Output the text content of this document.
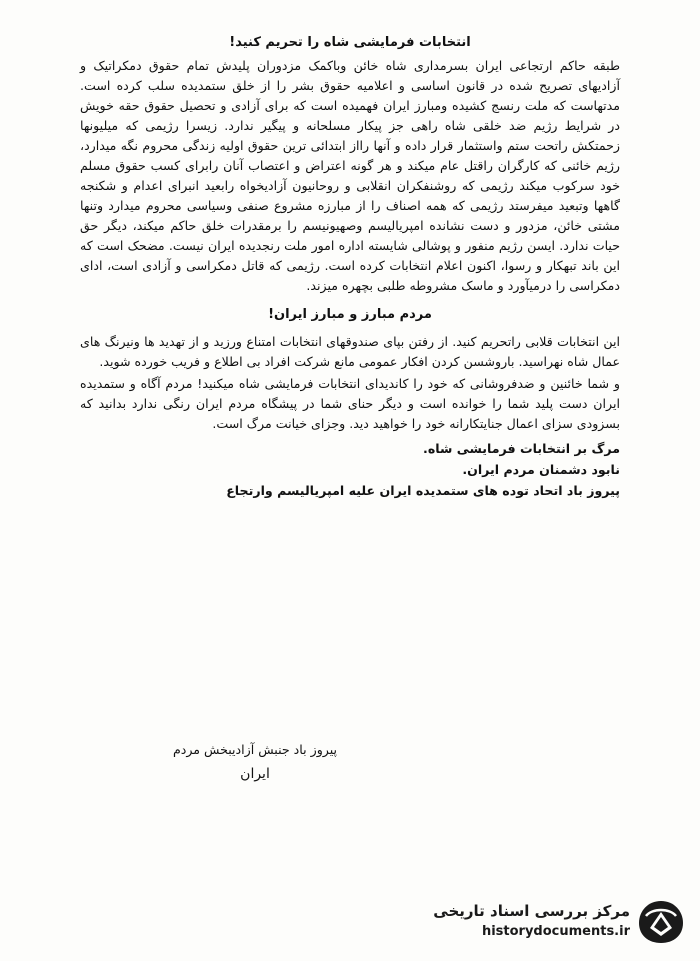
انتخابات فرمایشی شاه را تحریم کنید!

طبقه حاکم ارتجاعی ایران بسرمداری شاه خائن وباکمک مزدوران پلیدش تمام حقوق دمکراتیک و آزادیهای تصریح شده در قانون اساسی و اعلامیه حقوق بشر را از خلق ستمدیده سلب کرده است. مدتهاست که ملت رنسج کشیده ومبارز ایران فهمیده است که برای آزادی و تحصیل حقوق حقه خویش در شرایط رژیم ضد خلقی شاه راهی جز پیکار مسلحانه و پیگیر ندارد. زیسرا رژیمی که میلیونها زحمتکش راتحت ستم واستثمار قرار داده و آنها رااز ابتدائی ترین حقوق اولیه زندگی محروم نگه میدارد، رژیم خائنی که کارگران راقتل عام میکند و هر گونه اعتراض و اعتصاب آنان رابرای کسب حقوق مسلم خود سرکوب میکند رژیمی که روشنفکران انقلابی و روحانیون آزادیخواه رابعید انبرای اعدام و شکنجه گاهها وتبعید میفرستد رژیمی که همه اصناف را از مبارزه مشروع صنفی وسیاسی محروم میدارد وتنها مشتی خائن، مزدور و دست نشانده امپریالیسم وصهیونیسم را برمقدرات خلق حاکم میکند، دیگر حق حیات ندارد. ایسن رژیم منفور و پوشالی شایسته اداره امور ملت رنجدیده ایران نیست. مضحک است که این باند تبهکار و رسوا، اکنون اعلام انتخابات کرده است. رژیمی که قاتل دمکراسی و آزادی است، ادای دمکراسی را درمیآورد و ماسک مشروطه طلبی بچهره میزند.

مردم مبارز و مبارز ایران!

این انتخابات قلابی راتحریم کنید. از رفتن بپای صندوقهای انتخابات امتناع ورزید و از تهدید ها ونیرنگ های عمال شاه نهراسید. باروشسن کردن افکار عمومی مانع شرکت افراد بی اطلاع و فریب خورده شوید.

و شما خائنین و ضدفروشانی که خود را کاندیدای انتخابات فرمایشی شاه میکنید! مردم آگاه و ستمدیده ایران دست پلید شما را خوانده است و دیگر حنای شما در پیشگاه مردم ایران رنگی ندارد بدانید که بسزودی سزای اعمال جنایتکارانه خود را خواهید دید. وجزای خیانت مرگ است.

مرگ بر انتخابات فرمایشی شاه.

نابود دشمنان مردم ایران.

پیروز باد اتحاد توده های ستمدیده ایران علیه امپریالیسم وارتجاع

پیروز باد جنبش آزادیبخش مردم

ایران

مرکز بررسی اسناد تاریخی
historydocuments.ir
